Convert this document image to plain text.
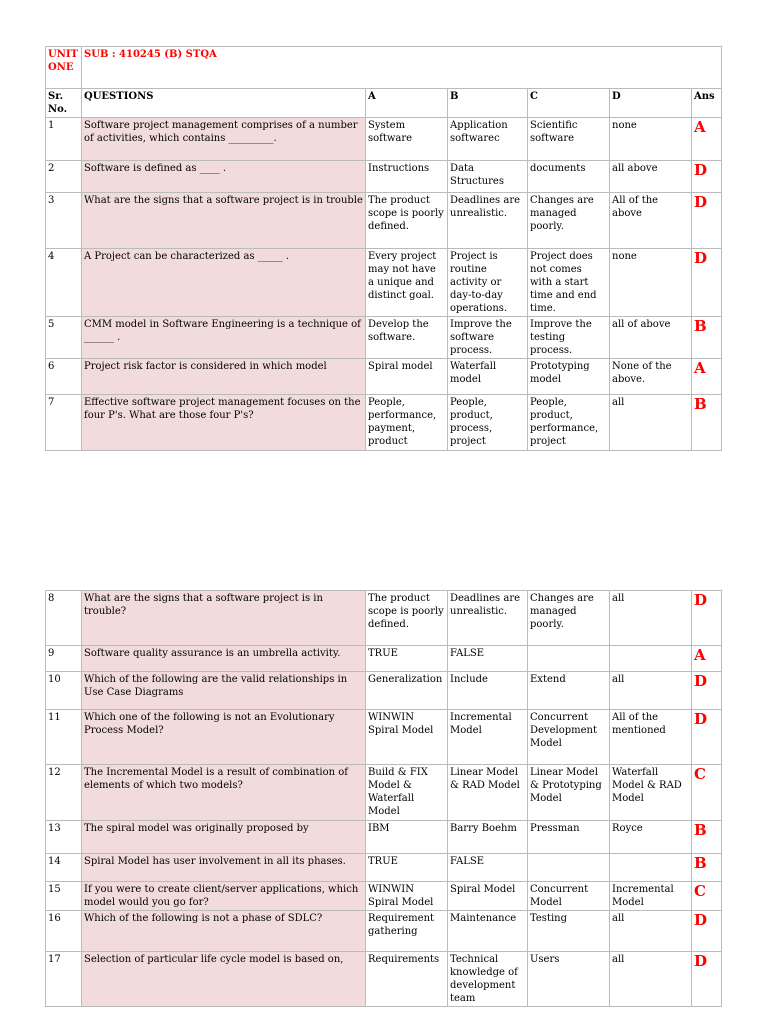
UNIT ONE	SUB : 410245 (B) STQA					
Sr. No.	QUESTIONS	A	B	C	D	Ans
1	Software project management comprises of a number of activities, which contains _________.	System software	Application softwarec	Scientific software	none	A
2	Software is defined as ____ .	Instructions	Data Structures	documents	all above	D
3	What are the signs that a software project is in trouble	The product scope is poorly defined.	Deadlines are unrealistic.	Changes are managed poorly.	All of the above	D
4	A Project can be characterized as _____ .	Every project may not have a unique and distinct goal.	Project is routine activity or day-to-day operations.	Project does not comes with a start time and end time.	none	D
5	CMM model in Software Engineering is a technique of ______ .	Develop the software.	Improve the software process.	Improve the testing process.	all of above	B
6	Project risk factor is considered in which model	Spiral model	Waterfall model	Prototyping model	None of the above.	A
7	Effective software project management focuses on the four P's. What are those four P's?	People, performance, payment, product	People, product, process, project	People, product, performance, project	all	B
8	What are the signs that a software project is in trouble?	The product scope is poorly defined.	Deadlines are unrealistic.	Changes are managed poorly.	all	D
9	Software quality assurance is an umbrella activity.	TRUE	FALSE			A
10	Which of the following are the valid relationships in Use Case Diagrams	Generalization	Include	Extend	all	D
11	Which one of the following is not an Evolutionary Process Model?	WINWIN Spiral Model	Incremental Model	Concurrent Development Model	All of the mentioned	D
12	The Incremental Model is a result of combination of elements of which two models?	Build & FIX Model & Waterfall Model	Linear Model & RAD Model	Linear Model & Prototyping Model	Waterfall Model & RAD Model	C
13	The spiral model was originally proposed by	IBM	Barry Boehm	Pressman	Royce	B
14	Spiral Model has user involvement in all its phases.	TRUE	FALSE			B
15	If you were to create client/server applications, which model would you go for?	WINWIN Spiral Model	Spiral Model	Concurrent Model	Incremental Model	C
16	Which of the following is not a phase of SDLC?	Requirement gathering	Maintenance	Testing	all	D
17	Selection of particular life cycle model is based on,	Requirements	Technical knowledge of development team	Users	all	D
